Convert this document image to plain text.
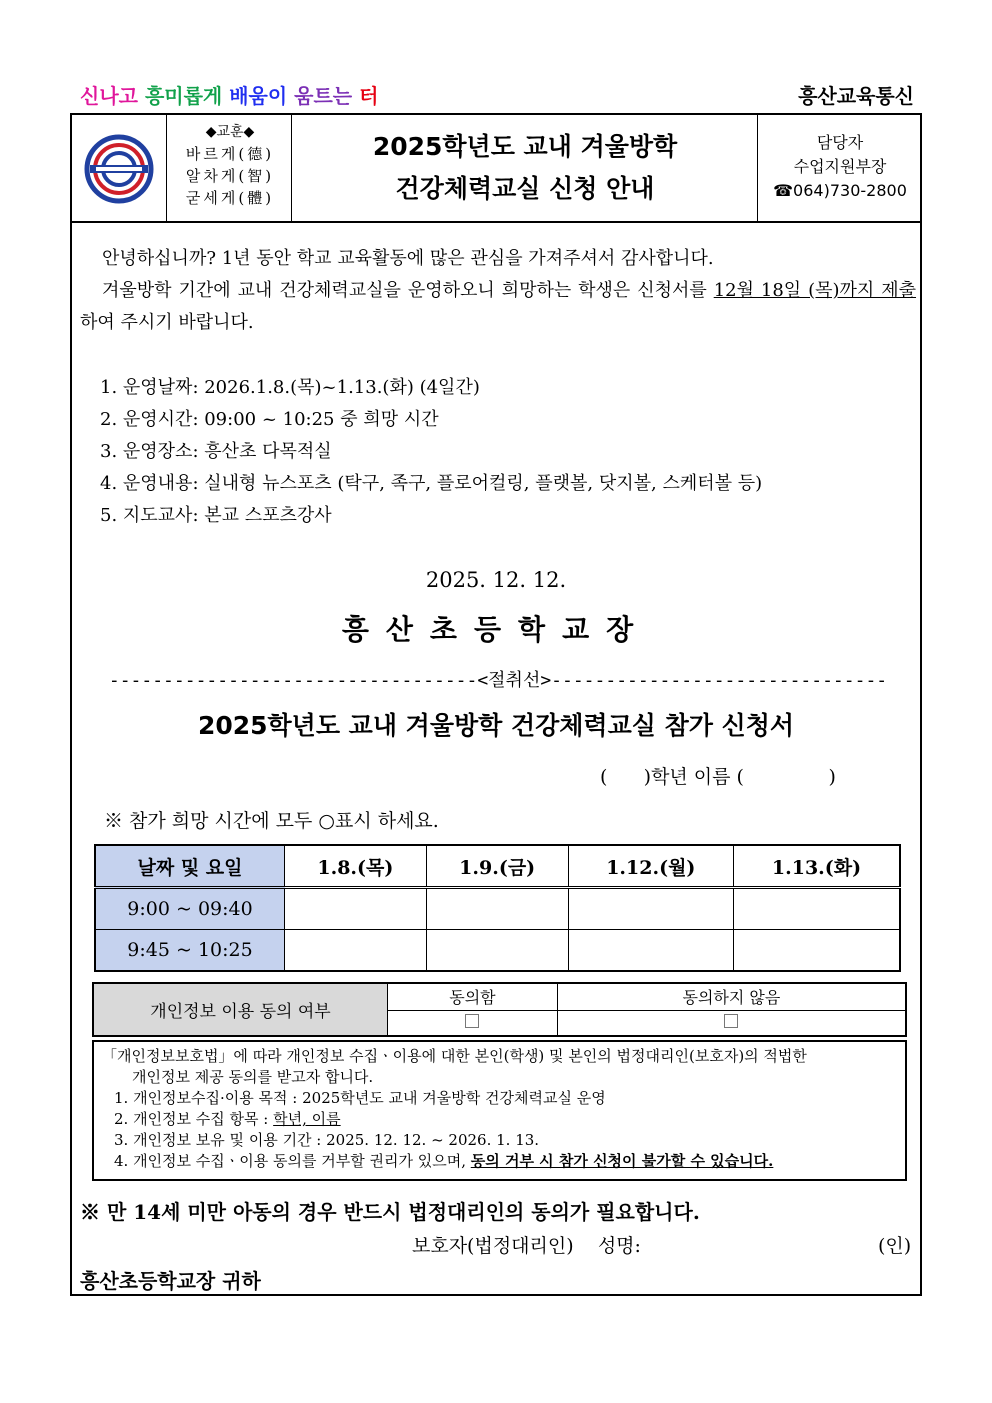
신나고 흥미롭게 배움이 움트는 터	흥산교육통신
◆교훈◆
바르게(德)
알차게(智)
굳세게(體)
2025학년도 교내 겨울방학
건강체력교실 신청 안내
담당자
수업지원부장
☎064)730-2800

안녕하십니까? 1년 동안 학교 교육활동에 많은 관심을 가져주셔서 감사합니다.

겨울방학 기간에 교내 건강체력교실을 운영하오니 희망하는 학생은 신청서를 12월 18일 (목)까지 제출하여 주시기 바랍니다.

1. 운영날짜: 2026.1.8.(목)~1.13.(화) (4일간)
2. 운영시간: 09:00 ~ 10:25 중 희망 시간
3. 운영장소: 흥산초 다목적실
4. 운영내용: 실내형 뉴스포츠 (탁구, 족구, 플로어컬링, 플랫볼, 닷지볼, 스케터볼 등)
5. 지도교사: 본교 스포츠강사
2025. 12. 12.
흥산초등학교장
----------------------------------<절취선>-------------------------------
2025학년도 교내 겨울방학 건강체력교실 참가 신청서
(      )학년 이름 (              )
※ 참가 희망 시간에 모두 ○표시 하세요.
날짜 및 요일	1.8.(목)	1.9.(금)	1.12.(월)	1.13.(화)
9:00 ~ 09:40				
9:45 ~ 10:25				
개인정보 이용 동의 여부	동의함	동의하지 않음

「개인정보보호법」에 따라 개인정보 수집ㆍ이용에 대한 본인(학생) 및 본인의 법정대리인(보호자)의 적법한

개인정보 제공 동의를 받고자 합니다.

1. 개인정보수집·이용 목적 : 2025학년도 교내 겨울방학 건강체력교실 운영

2. 개인정보 수집 항목 : 학년, 이름

3. 개인정보 보유 및 이용 기간 : 2025. 12. 12. ~ 2026. 1. 13.

4. 개인정보 수집ㆍ이용 동의를 거부할 권리가 있으며, 동의 거부 시 참가 신청이 불가할 수 있습니다.

※ 만 14세 미만 아동의 경우 반드시 법정대리인의 동의가 필요합니다.
보호자(법정대리인)    성명:	(인)
흥산초등학교장 귀하
